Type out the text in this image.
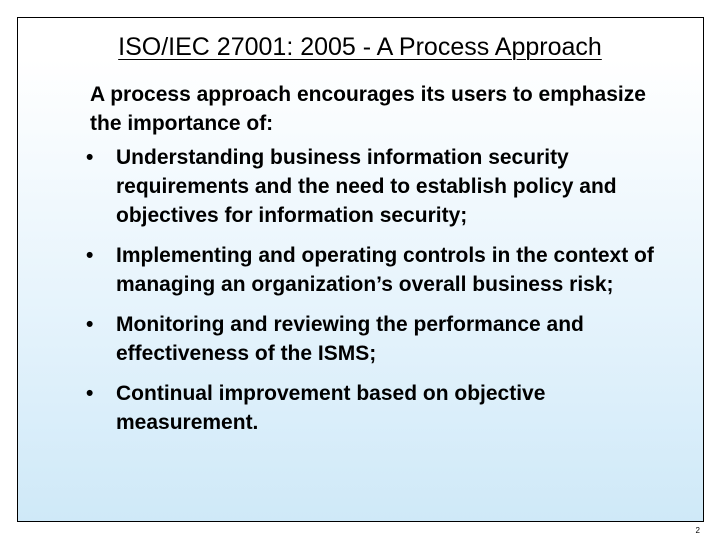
ISO/IEC 27001: 2005 - A Process Approach
A process approach encourages its users to emphasize the importance of:
•	Understanding business information security requirements and the need to establish policy and objectives for information security;
•	Implementing and operating controls in the context of managing an organization’s overall business risk;
•	Monitoring and reviewing the performance and effectiveness of the ISMS;
•	Continual improvement based on objective measurement.
2
